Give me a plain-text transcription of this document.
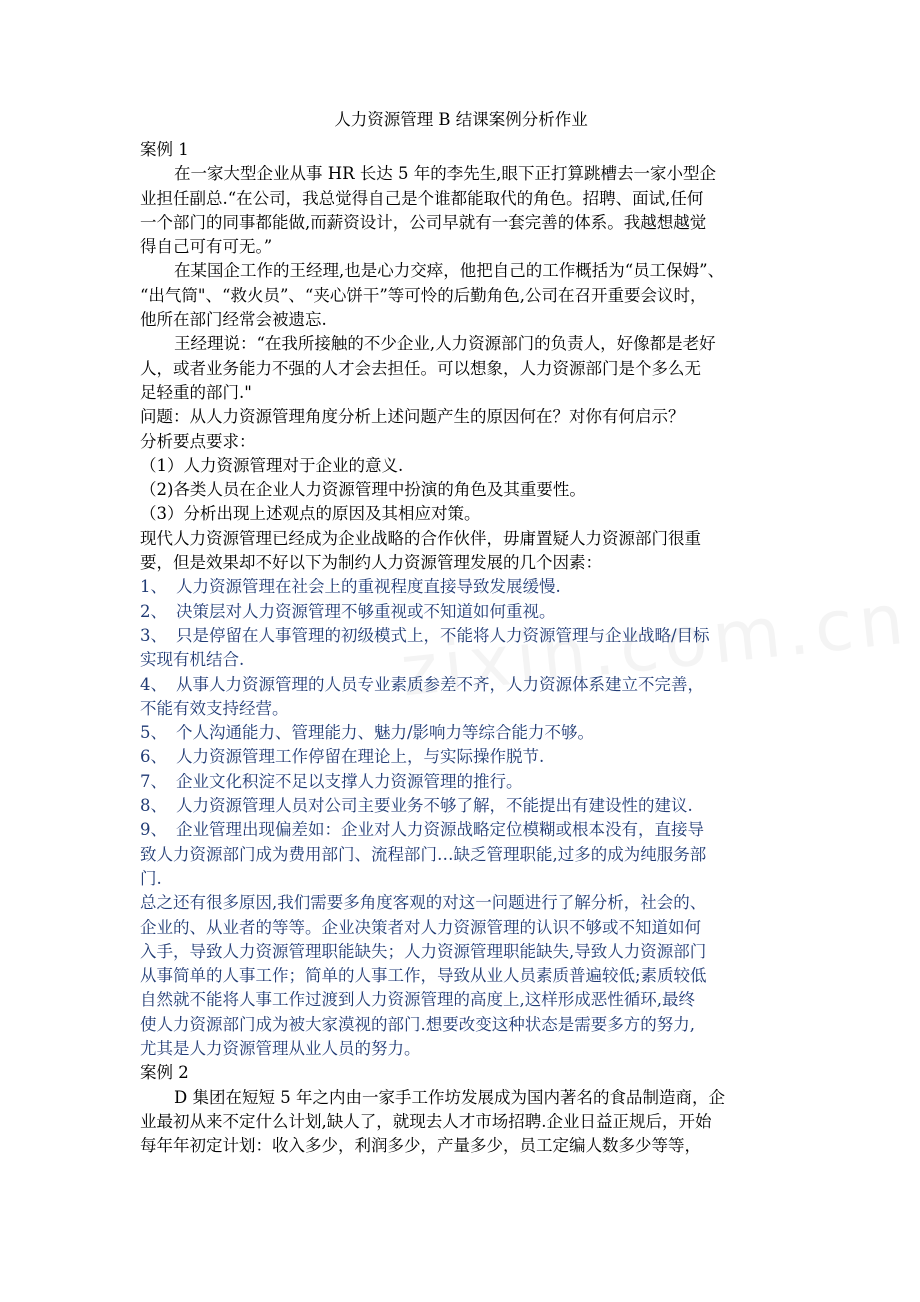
人力资源管理 B 结课案例分析作业
案例 1
在一家大型企业从事 HR 长达 5 年的李先生,眼下正打算跳槽去一家小型企
业担任副总.“在公司，我总觉得自己是个谁都能取代的角色。招聘、面试,任何
一个部门的同事都能做,而薪资设计，公司早就有一套完善的体系。我越想越觉
得自己可有可无。”
在某国企工作的王经理,也是心力交瘁，他把自己的工作概括为“员工保姆”、
“出气筒"、“救火员”、“夹心饼干”等可怜的后勤角色,公司在召开重要会议时，
他所在部门经常会被遗忘.
王经理说：“在我所接触的不少企业,人力资源部门的负责人，好像都是老好
人，或者业务能力不强的人才会去担任。可以想象，人力资源部门是个多么无
足轻重的部门."
问题：从人力资源管理角度分析上述问题产生的原因何在？对你有何启示？
分析要点要求：
（1）人力资源管理对于企业的意义.
（2)各类人员在企业人力资源管理中扮演的角色及其重要性。
（3）分析出现上述观点的原因及其相应对策。
现代人力资源管理已经成为企业战略的合作伙伴，毋庸置疑人力资源部门很重
要，但是效果却不好以下为制约人力资源管理发展的几个因素：
1、 人力资源管理在社会上的重视程度直接导致发展缓慢.
2、 决策层对人力资源管理不够重视或不知道如何重视。
3、 只是停留在人事管理的初级模式上，不能将人力资源管理与企业战略/目标
实现有机结合.
4、 从事人力资源管理的人员专业素质参差不齐，人力资源体系建立不完善，
不能有效支持经营。
5、 个人沟通能力、管理能力、魅力/影响力等综合能力不够。
6、 人力资源管理工作停留在理论上，与实际操作脱节.
7、 企业文化积淀不足以支撑人力资源管理的推行。
8、 人力资源管理人员对公司主要业务不够了解，不能提出有建设性的建议.
9、 企业管理出现偏差如：企业对人力资源战略定位模糊或根本没有，直接导
致人力资源部门成为费用部门、流程部门…缺乏管理职能,过多的成为纯服务部
门.
总之还有很多原因,我们需要多角度客观的对这一问题进行了解分析，社会的、
企业的、从业者的等等。企业决策者对人力资源管理的认识不够或不知道如何
入手，导致人力资源管理职能缺失；人力资源管理职能缺失,导致人力资源部门
从事简单的人事工作；简单的人事工作，导致从业人员素质普遍较低;素质较低
自然就不能将人事工作过渡到人力资源管理的高度上,这样形成恶性循环,最终
使人力资源部门成为被大家漠视的部门.想要改变这种状态是需要多方的努力,
尤其是人力资源管理从业人员的努力。
案例 2
D 集团在短短 5 年之内由一家手工作坊发展成为国内著名的食品制造商，企
业最初从来不定什么计划,缺人了，就现去人才市场招聘.企业日益正规后，开始
每年年初定计划：收入多少，利润多少，产量多少，员工定编人数多少等等，
